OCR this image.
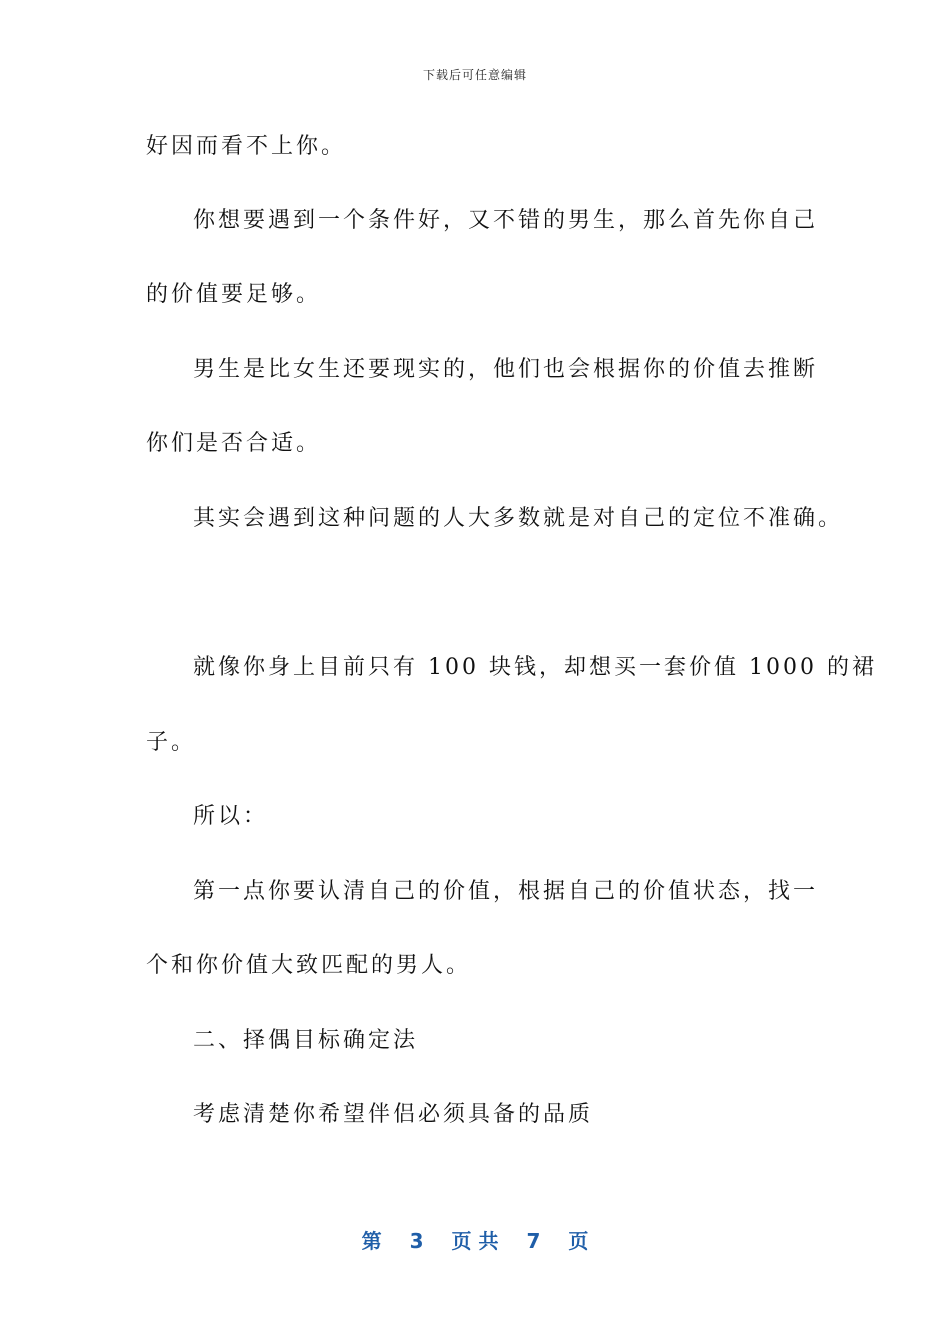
下载后可任意编辑
好因而看不上你。
你想要遇到一个条件好，又不错的男生，那么首先你自己
的价值要足够。
男生是比女生还要现实的，他们也会根据你的价值去推断
你们是否合适。
其实会遇到这种问题的人大多数就是对自己的定位不准确。
就像你身上目前只有 100 块钱，却想买一套价值 1000 的裙
子。
所以：
第一点你要认清自己的价值，根据自己的价值状态，找一
个和你价值大致匹配的男人。
二、择偶目标确定法
考虑清楚你希望伴侣必须具备的品质
第 3 页 共 7 页
